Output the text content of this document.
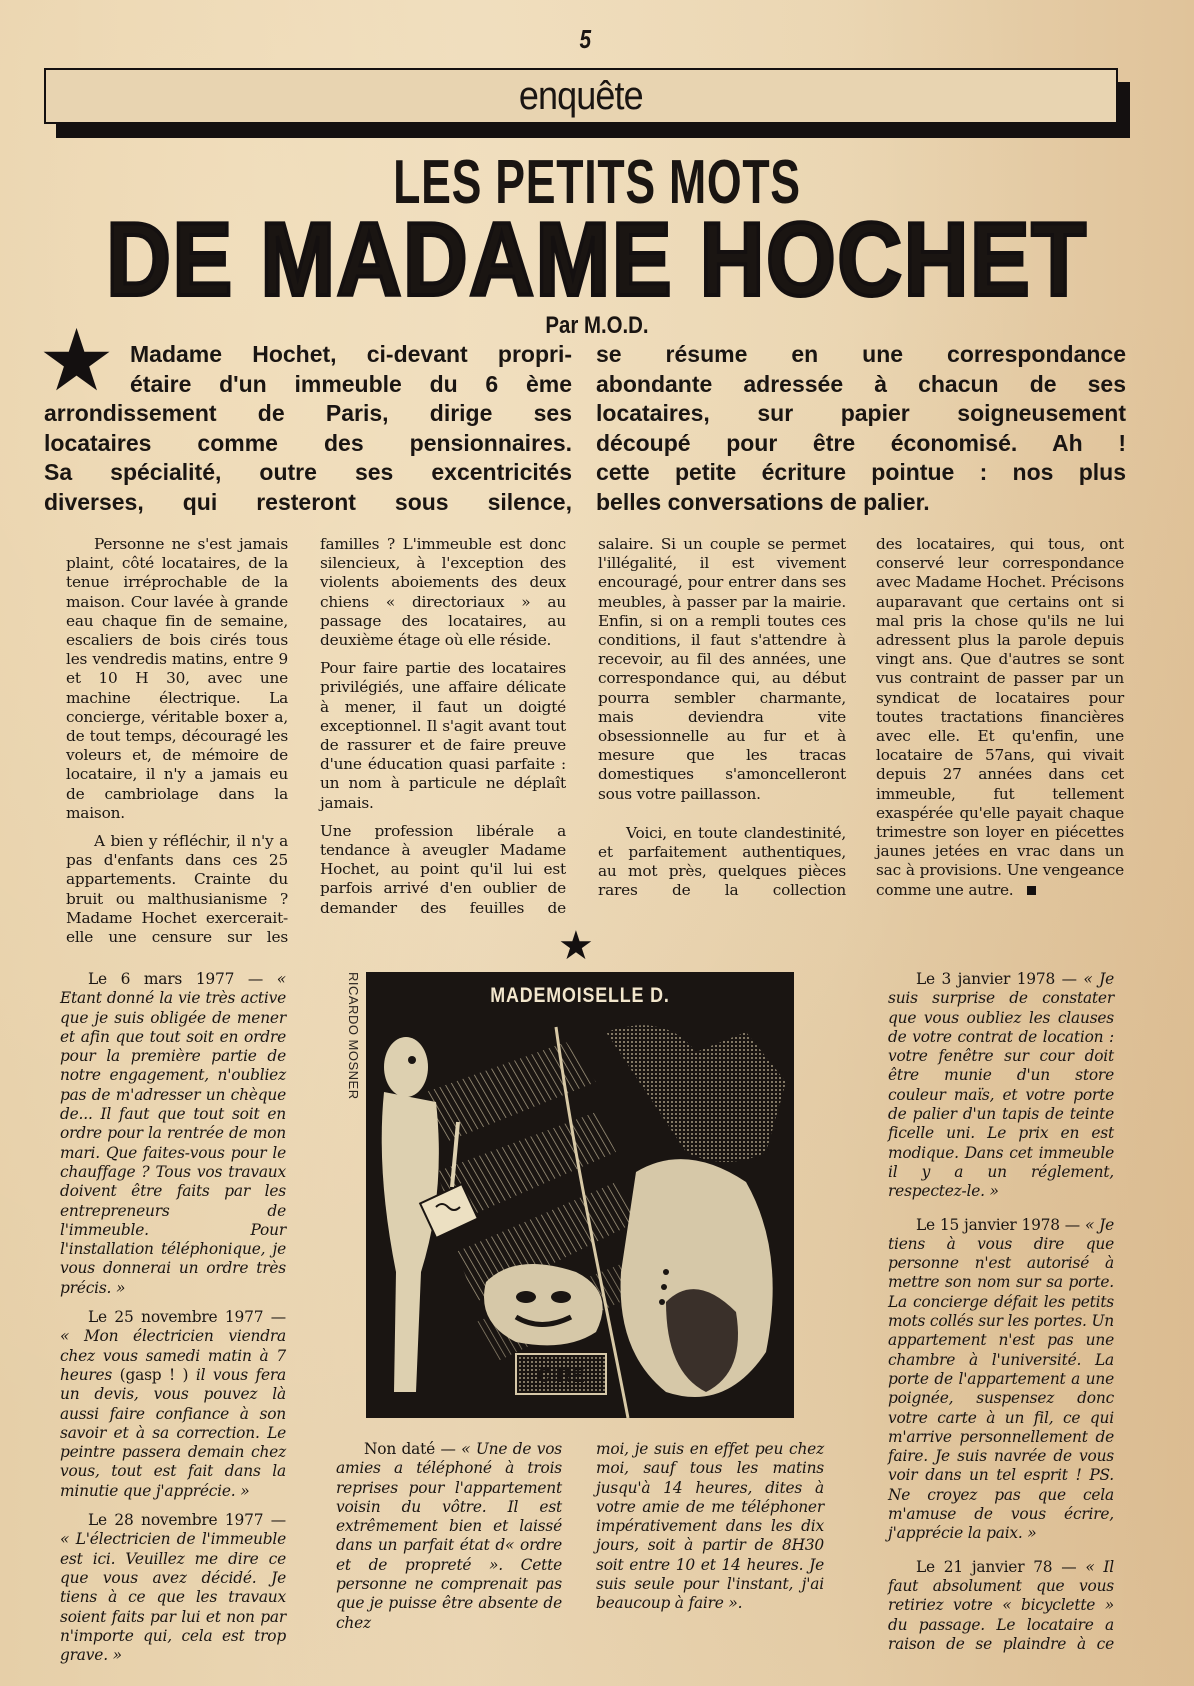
5
enquête
LES PETITS MOTS
DE MADAME HOCHET
Par M.O.D.
★ Madame Hochet, ci-devant propri-

étaire d'un immeuble du 6 ème

arrondissement de Paris, dirige ses

locataires comme des pensionnaires.

Sa spécialité, outre ses excentricités

diverses, qui resteront sous silence,

se résume en une correspondance

abondante adressée à chacun de ses

locataires, sur papier soigneusement

découpé pour être économisé. Ah !

cette petite écriture pointue : nos plus

belles conversations de palier.

Personne ne s'est jamais plaint, côté locataires, de la tenue irréprochable de la maison. Cour lavée à grande eau chaque fin de semaine, escaliers de bois cirés tous les vendredis matins, entre 9 et 10 H 30, avec une machine électrique. La concierge, véritable boxer a, de tout temps, découragé les voleurs et, de mémoire de locataire, il n'y a jamais eu de cambriolage dans la maison.

A bien y réfléchir, il n'y a pas d'enfants dans ces 25 appartements. Crainte du bruit ou malthusianisme ? Madame Hochet exercerait-elle une censure sur les

familles ? L'immeuble est donc silencieux, à l'exception des violents aboiements des deux chiens « directoriaux » au passage des locataires, au deuxième étage où elle réside.

Pour faire partie des locataires privilégiés, une affaire délicate à mener, il faut un doigté exceptionnel. Il s'agit avant tout de rassurer et de faire preuve d'une éducation quasi parfaite : un nom à particule ne déplaît jamais.

Une profession libérale a tendance à aveugler Madame Hochet, au point qu'il lui est parfois arrivé d'en oublier de demander des feuilles de

salaire. Si un couple se permet l'illégalité, il est vivement encouragé, pour entrer dans ses meubles, à passer par la mairie. Enfin, si on a rempli toutes ces conditions, il faut s'attendre à recevoir, au fil des années, une correspondance qui, au début pourra sembler charmante, mais deviendra vite obsessionnelle au fur et à mesure que les tracas domestiques s'amoncelleront sous votre paillasson.

Voici, en toute clandestinité, et parfaitement authentiques, au mot près, quelques pièces rares de la collection

des locataires, qui tous, ont conservé leur correspondance avec Madame Hochet. Précisons auparavant que certains ont si mal pris la chose qu'ils ne lui adressent plus la parole depuis vingt ans. Que d'autres se sont vus contraint de passer par un syndicat de locataires pour toutes tractations financières avec elle. Et qu'enfin, une locataire de 57ans, qui vivait depuis 27 années dans cet immeuble, fut tellement exaspérée qu'elle payait chaque trimestre son loyer en piécettes jaunes jetées en vrac dans un sac à provisions. Une vengeance comme une autre.

★
RICARDO MOSNER	MADEMOISELLE D.
CIRE

Le 6 mars 1977 — « Etant donné la vie très active que je suis obligée de mener et afin que tout soit en ordre pour la première partie de notre engagement, n'oubliez pas de m'adresser un chèque de... Il faut que tout soit en ordre pour la rentrée de mon mari. Que faites-vous pour le chauffage ? Tous vos travaux doivent être faits par les entrepreneurs de l'immeuble. Pour l'installation téléphonique, je vous donnerai un ordre très précis. »

Le 25 novembre 1977 — « Mon électricien viendra chez vous samedi matin à 7 heures (gasp ! ) il vous fera un devis, vous pouvez là aussi faire confiance à son savoir et à sa correction. Le peintre passera demain chez vous, tout est fait dans la minutie que j'apprécie. »

Le 28 novembre 1977 — « L'électricien de l'immeuble est ici. Veuillez me dire ce que vous avez décidé. Je tiens à ce que les travaux soient faits par lui et non par n'importe qui, cela est trop grave. »

Non daté — « Une de vos amies a téléphoné à trois reprises pour l'appartement voisin du vôtre. Il est extrêmement bien et laissé dans un parfait état d« ordre et de propreté ». Cette personne ne comprenait pas que je puisse être absente de chez

moi, je suis en effet peu chez moi, sauf tous les matins jusqu'à 14 heures, dites à votre amie de me téléphoner impérativement dans les dix jours, soit à partir de 8H30 soit entre 10 et 14 heures. Je suis seule pour l'instant, j'ai beaucoup à faire ».

Le 3 janvier 1978 — « Je suis surprise de constater que vous oubliez les clauses de votre contrat de location : votre fenêtre sur cour doit être munie d'un store couleur maïs, et votre porte de palier d'un tapis de teinte ficelle uni. Le prix en est modique. Dans cet immeuble il y a un réglement, respectez-le. »

Le 15 janvier 1978 — « Je tiens à vous dire que personne n'est autorisé à mettre son nom sur sa porte. La concierge défait les petits mots collés sur les portes. Un appartement n'est pas une chambre à l'université. La porte de l'appartement a une poignée, suspensez donc votre carte à un fil, ce qui m'arrive personnellement de faire. Je suis navrée de vous voir dans un tel esprit ! PS. Ne croyez pas que cela m'amuse de vous écrire, j'apprécie la paix. »

Le 21 janvier 78 — « Il faut absolument que vous retiriez votre « bicyclette » du passage. Le locataire a raison de se plaindre à ce
